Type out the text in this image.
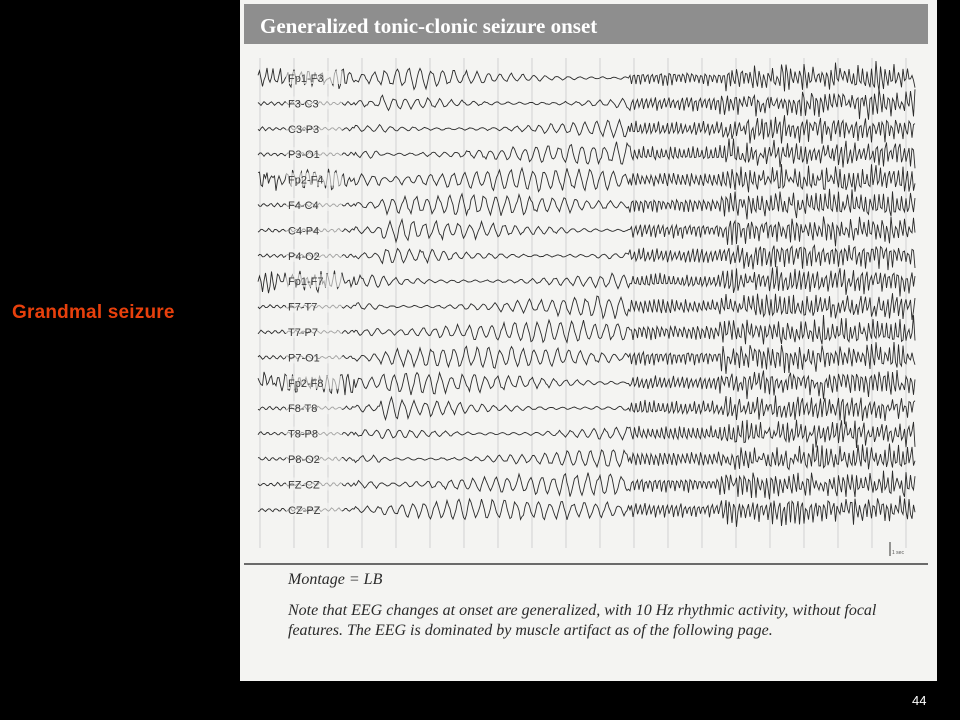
Grandmal seizure
Generalized tonic-clonic seizure onset
Fp1-F3
F3-C3
C3-P3
P3-O1
Fp2-F4
F4-C4
C4-P4
P4-O2
Fp1-F7
F7-T7
T7-P7
P7-O1
Fp2-F8
F8-T8
T8-P8
P8-O2
FZ-CZ
CZ-PZ
1 sec
Montage = LB
Note that EEG changes at onset are generalized, with 10 Hz rhythmic activity, without focal features. The EEG is dominated by muscle artifact as of the following page.
44
